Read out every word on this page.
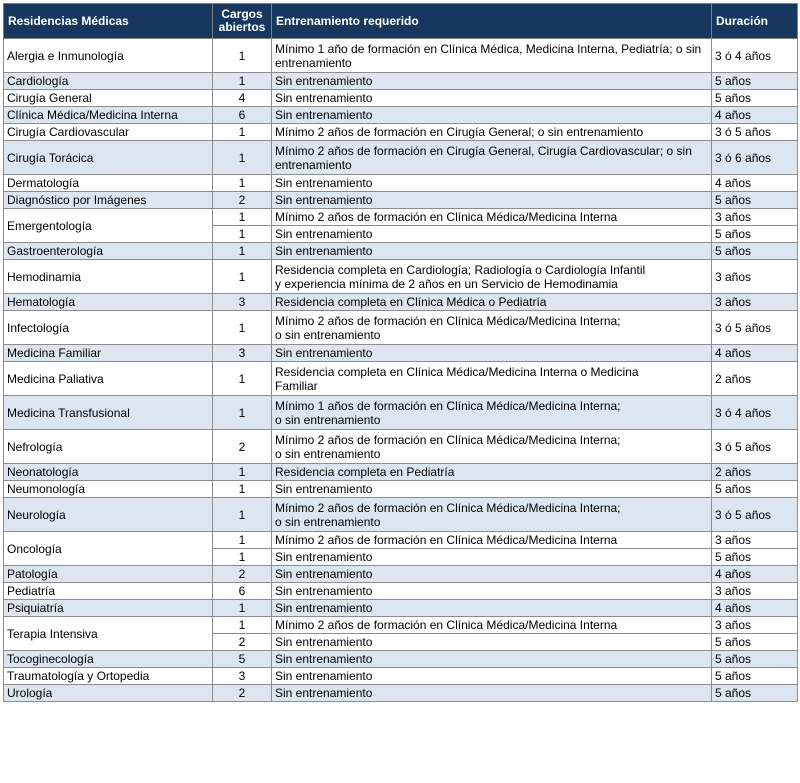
Residencias Médicas	Cargos abiertos	Entrenamiento requerido	Duración
Alergia e Inmunología	1	Mínimo 1 año de formación en Clínica Médica, Medicina Interna, Pediatría; o sin entrenamiento	3 ó 4 años
Cardiología	1	Sin entrenamiento	5 años
Cirugía General	4	Sin entrenamiento	5 años
Clínica Médica/Medicina Interna	6	Sin entrenamiento	4 años
Cirugía Cardiovascular	1	Mínimo 2 años de formación en Cirugía General; o sin entrenamiento	3 ó 5 años
Cirugía Torácica	1	Mínimo 2 años de formación en Cirugía General, Cirugía Cardiovascular; o sin entrenamiento	3 ó 6 años
Dermatología	1	Sin entrenamiento	4 años
Diagnóstico por Imágenes	2	Sin entrenamiento	5 años
Emergentología	1	Mínimo 2 años de formación en Clínica Médica/Medicina Interna	3 años
	1	Sin entrenamiento	5 años
Gastroenterología	1	Sin entrenamiento	5 años
Hemodinamia	1	Residencia completa en Cardiología; Radiología o Cardiología Infantil
y experiencia mínima de 2 años en un Servicio de Hemodinamia	3 años
Hematología	3	Residencia completa en Clínica Médica o Pediatría	3 años
Infectología	1	Mínimo 2 años de formación en Clínica Médica/Medicina Interna;
o sin entrenamiento	3 ó 5 años
Medicina Familiar	3	Sin entrenamiento	4 años
Medicina Paliativa	1	Residencia completa en Clínica Médica/Medicina Interna o Medicina
Familiar	2 años
Medicina Transfusional	1	Mínimo 1 años de formación en Clínica Médica/Medicina Interna;
o sin entrenamiento	3 ó 4 años
Nefrología	2	Mínimo 2 años de formación en Clínica Médica/Medicina Interna;
o sin entrenamiento	3 ó 5 años
Neonatología	1	Residencia completa en Pediatría	2 años
Neumonología	1	Sin entrenamiento	5 años
Neurología	1	Mínimo 2 años de formación en Clínica Médica/Medicina Interna;
o sin entrenamiento	3 ó 5 años
Oncología	1	Mínimo 2 años de formación en Clínica Médica/Medicina Interna	3 años
	1	Sin entrenamiento	5 años
Patología	2	Sin entrenamiento	4 años
Pediatría	6	Sin entrenamiento	3 años
Psiquiatría	1	Sin entrenamiento	4 años
Terapia Intensiva	1	Mínimo 2 años de formación en Clínica Médica/Medicina Interna	3 años
	2	Sin entrenamiento	5 años
Tocoginecología	5	Sin entrenamiento	5 años
Traumatología y Ortopedia	3	Sin entrenamiento	5 años
Urología	2	Sin entrenamiento	5 años
